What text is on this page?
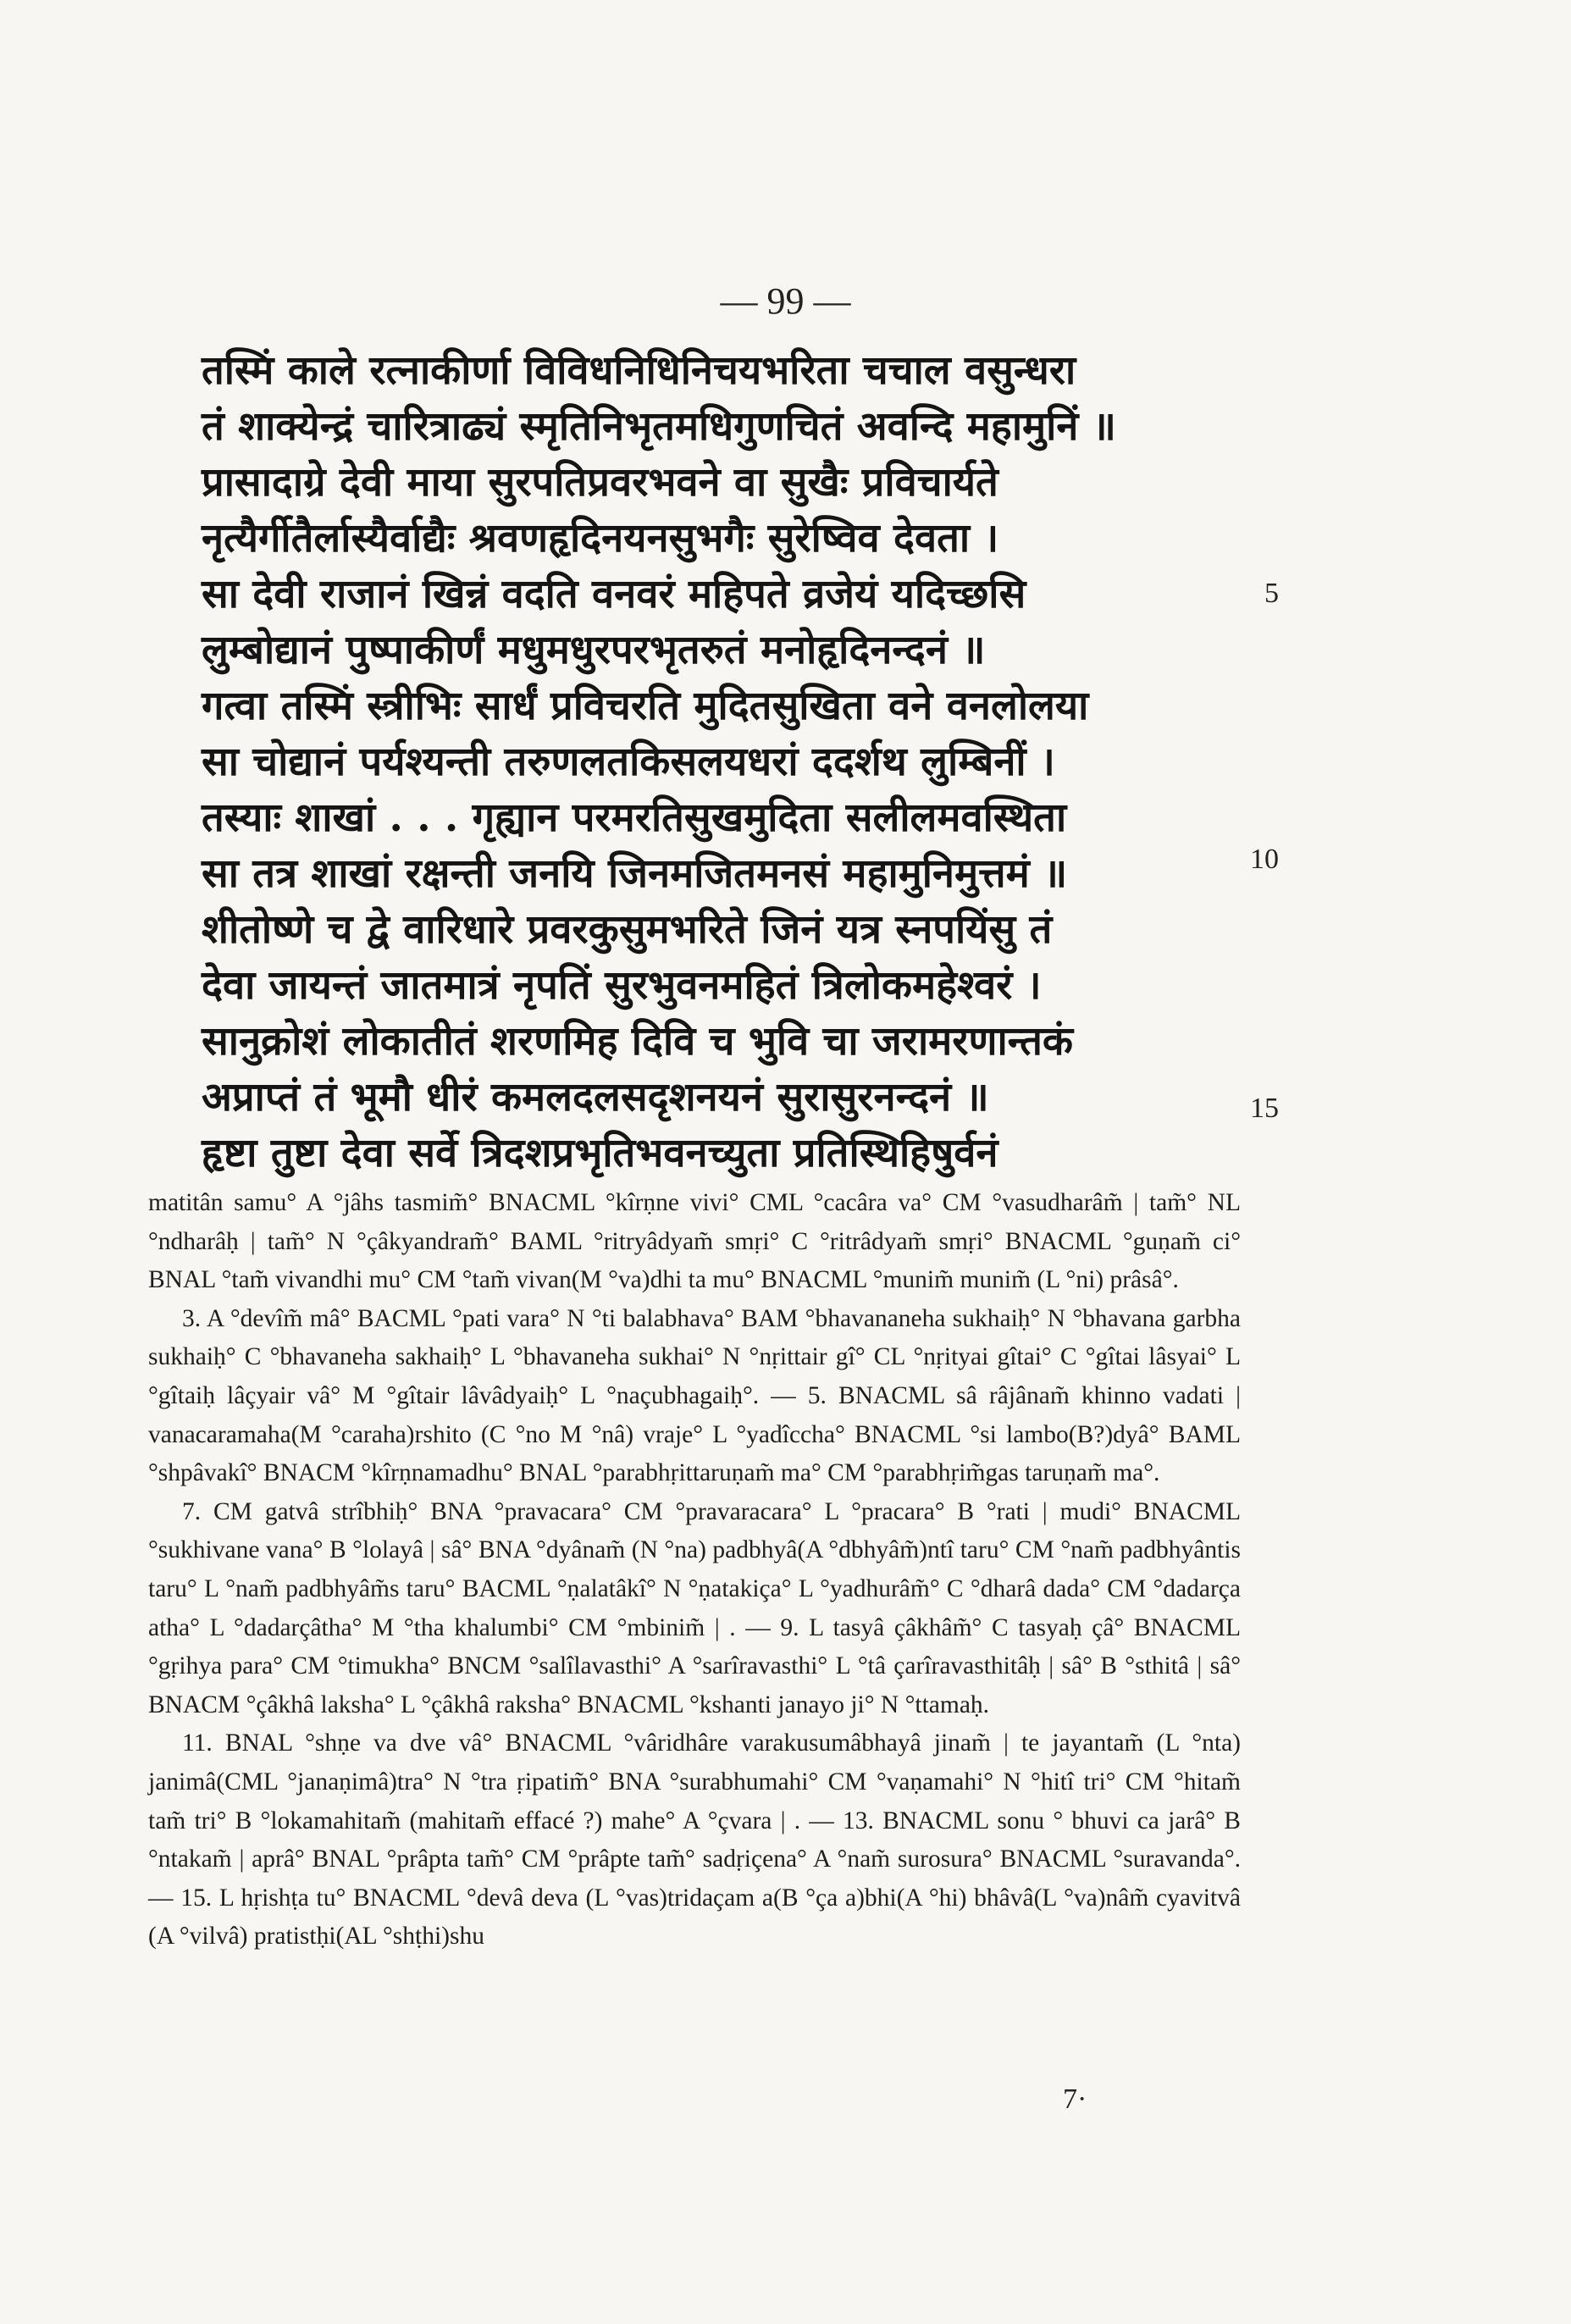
— 99 —
तस्मिं काले रत्नाकीर्णा विविधनिधिनिचयभरिता चचाल वसुन्धरा
तं शाक्येन्द्रं चारित्राढ्यं स्मृतिनिभृतमधिगुणचितं अवन्दि महामुनिं ॥
प्रासादाग्रे देवी माया सुरपतिप्रवरभवने वा सुखैः प्रविचार्यते
नृत्यैर्गीतैर्लास्यैर्वाद्यैः श्रवणहृदिनयनसुभगैः सुरेष्विव देवता ।
सा देवी राजानं खिन्नं वदति वनवरं महिपते व्रजेयं यदिच्छसि
लुम्बोद्यानं पुष्पाकीर्णं मधुमधुरपरभृतरुतं मनोहृदिनन्दनं ॥
गत्वा तस्मिं स्त्रीभिः सार्धं प्रविचरति मुदितसुखिता वने वनलोलया
सा चोद्यानं पर्यश्यन्ती तरुणलतकिसलयधरां ददर्शथ लुम्बिनीं ।
तस्याः शाखां . . . गृह्यान परमरतिसुखमुदिता सलीलमवस्थिता
सा तत्र शाखां रक्षन्ती जनयि जिनमजितमनसं महामुनिमुत्तमं ॥
शीतोष्णे च द्वे वारिधारे प्रवरकुसुमभरिते जिनं यत्र स्नपयिंसु तं
देवा जायन्तं जातमात्रं नृपतिं सुरभुवनमहितं त्रिलोकमहेश्वरं ।
सानुक्रोशं लोकातीतं शरणमिह दिवि च भुवि चा जरामरणान्तकं
अप्राप्तं तं भूमौ धीरं कमलदलसदृशनयनं सुरासुरनन्दनं ॥
हृष्टा तुष्टा देवा सर्वे त्रिदशप्रभृतिभवनच्युता प्रतिस्थिहिषुर्वनं
5
10
15

matitân samu° A °jâhs tasmim̃° BNACML °kîrṇne vivi° CML °cacâra va° CM °vasudharâm̃ | tam̃° NL °ndharâḥ | tam̃° N °çâkyandram̃° BAML °ritryâdyam̃ smṛi° C °ritrâdyam̃ smṛi° BNACML °guṇam̃ ci° BNAL °tam̃ vivandhi mu° CM °tam̃ vivan(M °va)dhi ta mu° BNACML °munim̃ munim̃ (L °ni) prâsâ°.

3. A °devîm̃ mâ° BACML °pati vara° N °ti balabhava° BAM °bhavananeha sukhaiḥ° N °bhavana garbha sukhaiḥ° C °bhavaneha sakhaiḥ° L °bhavaneha sukhai° N °nṛittair gî° CL °nṛityai gîtai° C °gîtai lâsyai° L °gîtaiḥ lâçyair vâ° M °gîtair lâvâdyaiḥ° L °naçubhagaiḥ°. — 5. BNACML sâ râjânam̃ khinno vadati | vanacaramaha(M °caraha)rshito (C °no M °nâ) vraje° L °yadîccha° BNACML °si lambo(B?)dyâ° BAML °shpâvakî° BNACM °kîrṇnamadhu° BNAL °parabhṛittaruṇam̃ ma° CM °parabhṛim̃gas taruṇam̃ ma°.

7. CM gatvâ strîbhiḥ° BNA °pravacara° CM °pravaracara° L °pracara° B °rati | mudi° BNACML °sukhivane vana° B °lolayâ | sâ° BNA °dyânam̃ (N °na) padbhyâ(A °dbhyâm̃)ntî taru° CM °nam̃ padbhyântis taru° L °nam̃ padbhyâm̃s taru° BACML °ṇalatâkî° N °ṇatakiça° L °yadhurâm̃° C °dharâ dada° CM °dadarça atha° L °dadarçâtha° M °tha khalumbi° CM °mbinim̃ | . — 9. L tasyâ çâkhâm̃° C tasyaḥ çâ° BNACML °gṛihya para° CM °timukha° BNCM °salîlavasthi° A °sarîravasthi° L °tâ çarîravasthitâḥ | sâ° B °sthitâ | sâ° BNACM °çâkhâ laksha° L °çâkhâ raksha° BNACML °kshanti janayo ji° N °ttamaḥ.

11. BNAL °shṇe va dve vâ° BNACML °vâridhâre varakusumâbhayâ jinam̃ | te jayantam̃ (L °nta) janimâ(CML °janaṇimâ)tra° N °tra ṛipatim̃° BNA °surabhumahi° CM °vaṇamahi° N °hitî tri° CM °hitam̃ tam̃ tri° B °lokamahitam̃ (mahitam̃ effacé ?) mahe° A °çvara | . — 13. BNACML sonu ° bhuvi ca jarâ° B °ntakam̃ | aprâ° BNAL °prâpta tam̃° CM °prâpte tam̃° sadṛiçena° A °nam̃ surosura° BNACML °suravanda°. — 15. L hṛishṭa tu° BNACML °devâ deva (L °vas)tridaçam a(B °ça a)bhi(A °hi) bhâvâ(L °va)nâm̃ cyavitvâ (A °vilvâ) pratistḥi(AL °shṭhi)shu

7·
